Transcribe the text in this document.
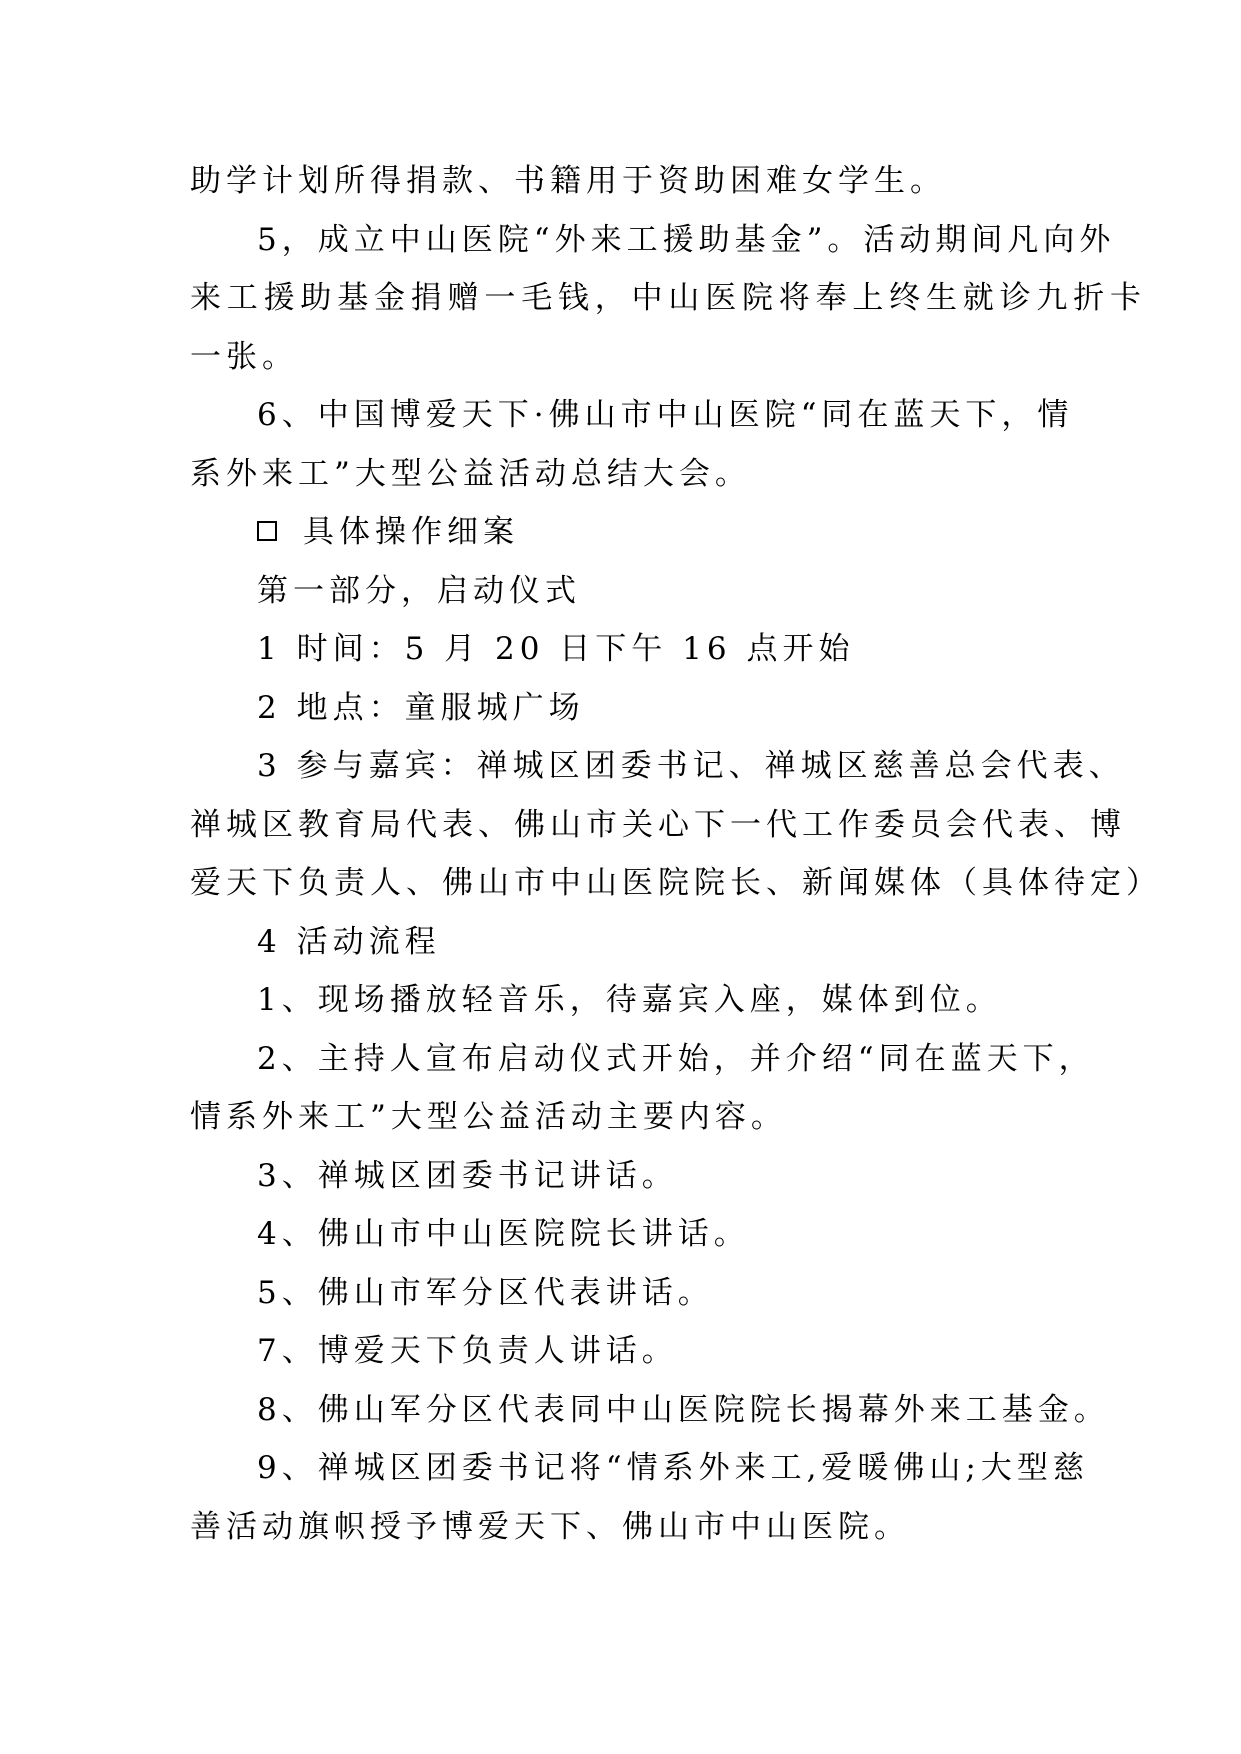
助学计划所得捐款、书籍用于资助困难女学生。
5，成立中山医院“外来工援助基金”。活动期间凡向外
来工援助基金捐赠一毛钱，中山医院将奉上终生就诊九折卡
一张。
6、中国博爱天下·佛山市中山医院“同在蓝天下，情
系外来工”大型公益活动总结大会。
具体操作细案
第一部分，启动仪式
1 时间：5 月 20 日下午 16 点开始
2 地点：童服城广场
3 参与嘉宾：禅城区团委书记、禅城区慈善总会代表、
禅城区教育局代表、佛山市关心下一代工作委员会代表、博
爱天下负责人、佛山市中山医院院长、新闻媒体（具体待定）
4 活动流程
1、现场播放轻音乐，待嘉宾入座，媒体到位。
2、主持人宣布启动仪式开始，并介绍“同在蓝天下，
情系外来工”大型公益活动主要内容。
3、禅城区团委书记讲话。
4、佛山市中山医院院长讲话。
5、佛山市军分区代表讲话。
7、博爱天下负责人讲话。
8、佛山军分区代表同中山医院院长揭幕外来工基金。
9、禅城区团委书记将“情系外来工,爱暖佛山;大型慈
善活动旗帜授予博爱天下、佛山市中山医院。
